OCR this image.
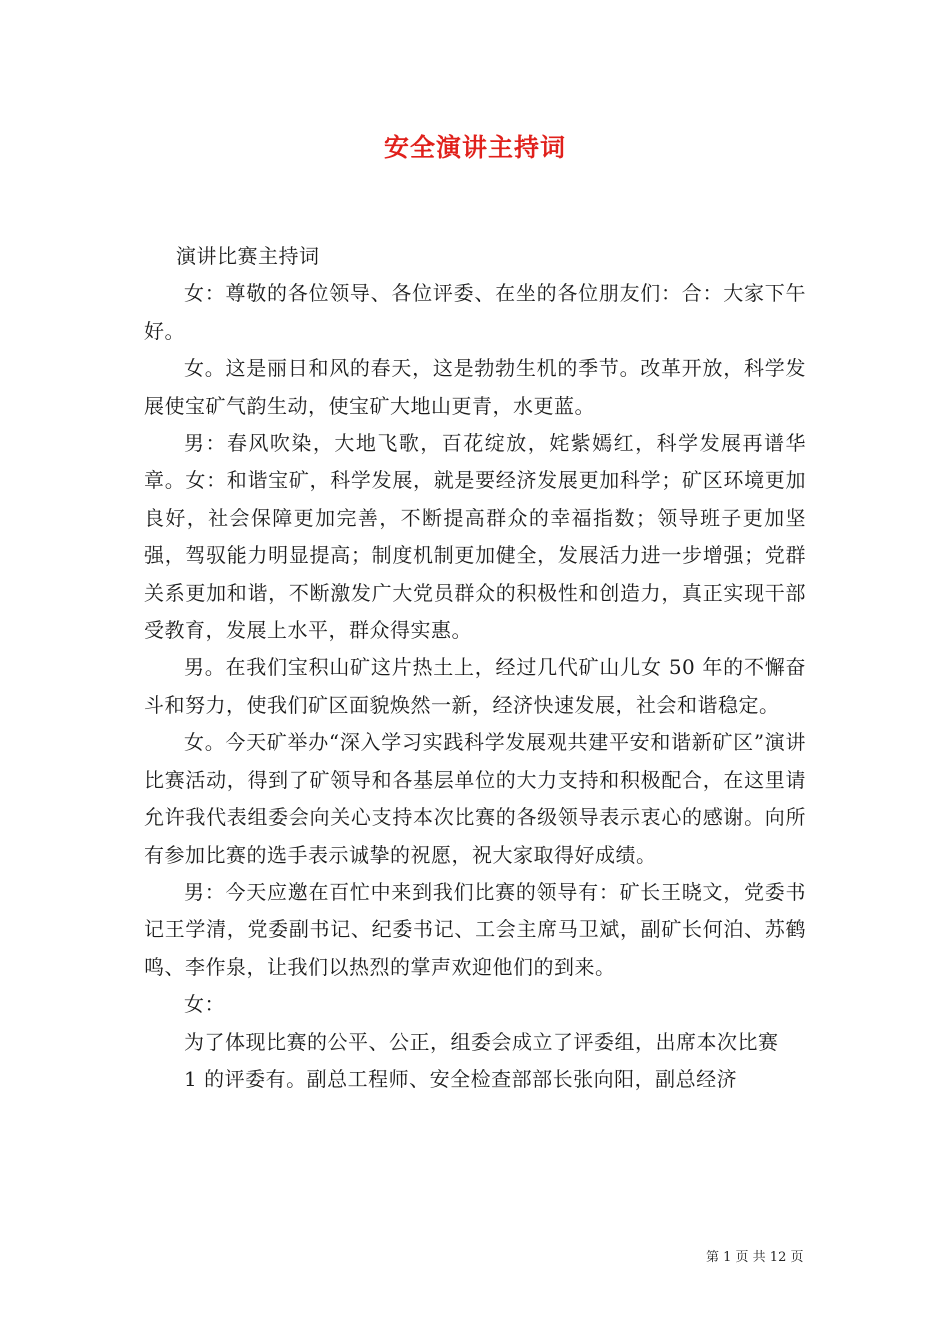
安全演讲主持词

演讲比赛主持词

女：尊敬的各位领导、各位评委、在坐的各位朋友们：合：大家下午好。

女。这是丽日和风的春天，这是勃勃生机的季节。改革开放，科学发展使宝矿气韵生动，使宝矿大地山更青，水更蓝。

男：春风吹染，大地飞歌，百花绽放，姹紫嫣红，科学发展再谱华章。女：和谐宝矿，科学发展，就是要经济发展更加科学；矿区环境更加良好，社会保障更加完善，不断提高群众的幸福指数；领导班子更加坚强，驾驭能力明显提高；制度机制更加健全，发展活力进一步增强；党群关系更加和谐，不断激发广大党员群众的积极性和创造力，真正实现干部受教育，发展上水平，群众得实惠。

男。在我们宝积山矿这片热土上，经过几代矿山儿女 50 年的不懈奋斗和努力，使我们矿区面貌焕然一新，经济快速发展，社会和谐稳定。

女。今天矿举办“深入学习实践科学发展观共建平安和谐新矿区”演讲比赛活动，得到了矿领导和各基层单位的大力支持和积极配合，在这里请允许我代表组委会向关心支持本次比赛的各级领导表示衷心的感谢。向所有参加比赛的选手表示诚挚的祝愿，祝大家取得好成绩。

男：今天应邀在百忙中来到我们比赛的领导有：矿长王晓文，党委书记王学清，党委副书记、纪委书记、工会主席马卫斌，副矿长何泊、苏鹤鸣、李作泉，让我们以热烈的掌声欢迎他们的到来。

女：

为了体现比赛的公平、公正，组委会成立了评委组，出席本次比赛

1 的评委有。副总工程师、安全检查部部长张向阳，副总经济

第 1 页 共 12 页
